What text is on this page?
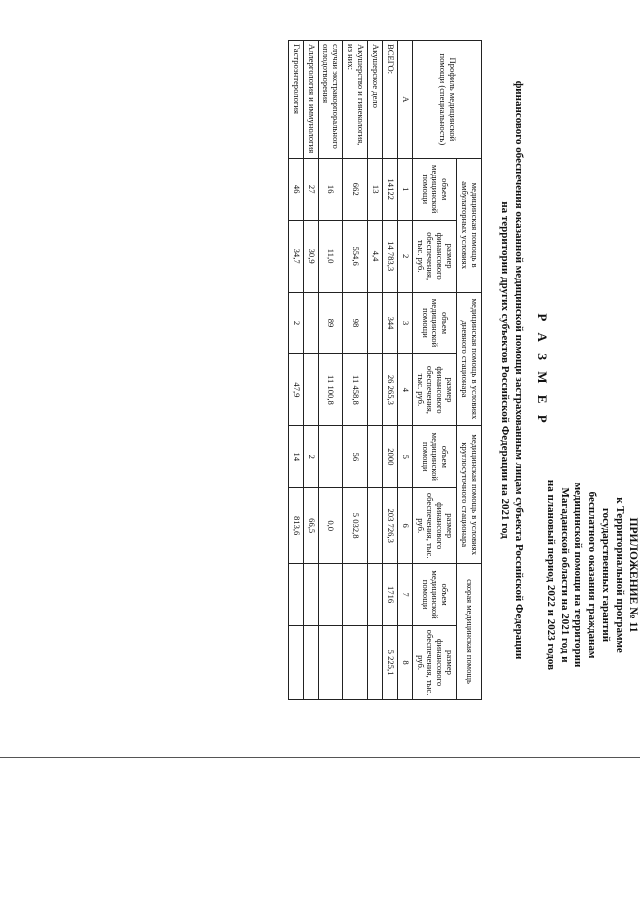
ПРИЛОЖЕНИЕ № 11
к Территориальной программе
государственных гарантий
бесплатного оказания гражданам
медицинской помощи на территории
Магаданской области на 2021 год и
на плановый период 2022 и 2023 годов
Р А З М Е Р
финансового обеспечения оказанной медицинской помощи застрахованным лицам субъекта Российской Федерации
на территории других субъектов Российской Федерации на 2021 год
Профиль медицинской помощи (специальность)	медицинская помощь в амбулаторных условиях		медицинская помощь в условиях дневного стационара		медицинская помощь в условиях круглосуточного стационара		скорая медицинская помощь	
	объем медицинской помощи	размер финансового обеспечения, тыс. руб.	объем медицинской помощи	размер финансового обеспечения, тыс. руб.	объем медицинской помощи	размер финансового обеспечения, тыс. руб.	объем медицинской помощи	размер финансового обеспечения, тыс. руб.
А	1	2	3	4	5	6	7	8
ВСЕГО:	14122	14 783,3	344	26 265,3	2000	203 726,3	1716	5 225,1
Акушерское дело	13	4,4						
Акушерство и гинекология, из них:	662	554,6	98	11 458,8	56	5 032,8		
случаи экстракорпорального оплодотворения	16	11,0	89	11 100,8		0,0		
Аллергология и иммунология	27	30,9			2	66,5		
Гастроэнтерология	46	34,7	2	47,9	14	813,6		
